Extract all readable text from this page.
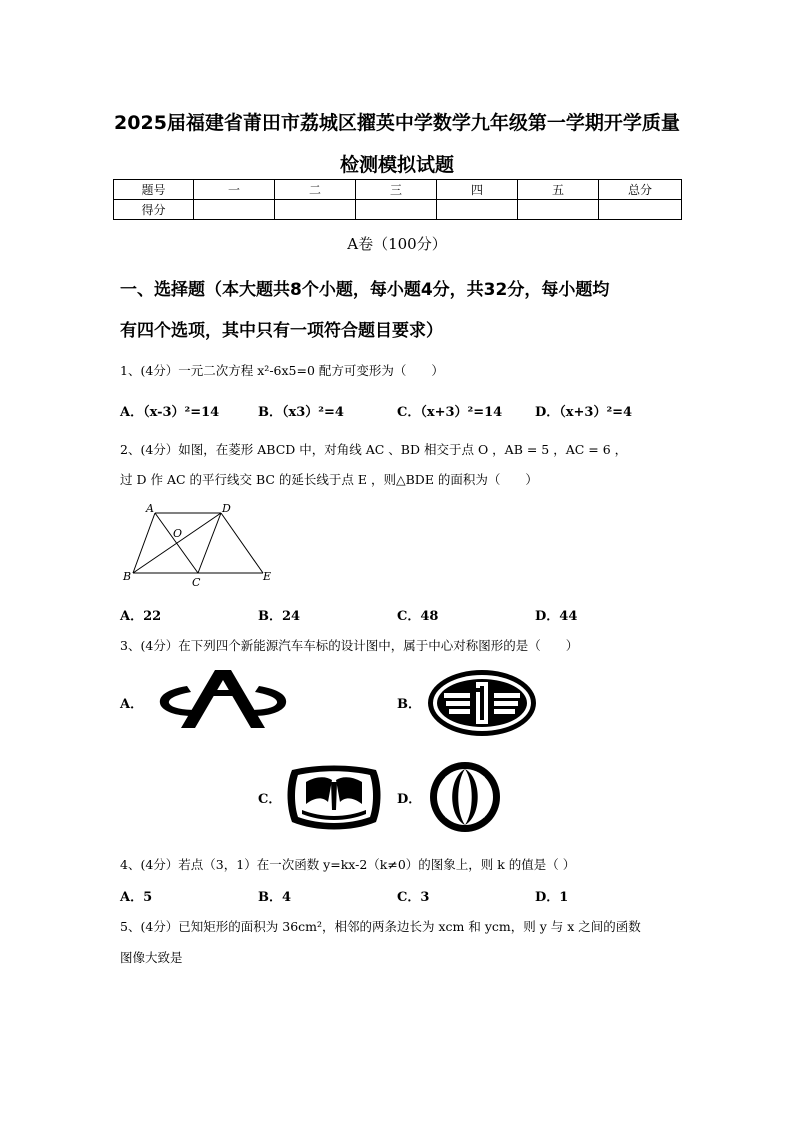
2025届福建省莆田市荔城区擢英中学数学九年级第一学期开学质量
检测模拟试题
题号	一	二	三	四	五	总分
得分						
A卷（100分）
一、选择题（本大题共8个小题，每小题4分，共32分，每小题均
有四个选项，其中只有一项符合题目要求）
1、(4分）一元二次方程 x²-6x5=0 配方可变形为（　　）
A．（x-3）²=14	B．（x3）²=4	C．（x+3）²=14	D．（x+3）²=4
2、(4分）如图，在菱形 ABCD 中，对角线 AC 、BD 相交于点 O ，AB = 5 ，AC = 6 ，
过 D 作 AC 的平行线交 BC 的延长线于点 E ，则△BDE 的面积为（　　）
A	D
O
B	C	E
A．22	B．24	C．48	D．44
3、(4分）在下列四个新能源汽车车标的设计图中，属于中心对称图形的是（　　）
A．	B．
C．	D．
4、(4分）若点（3，1）在一次函数 y=kx-2（k≠0）的图象上，则 k 的值是（ ）
A．5	B．4	C．3	D．1
5、(4分）已知矩形的面积为 36cm²，相邻的两条边长为 xcm 和 ycm，则 y 与 x 之间的函数
图像大致是
